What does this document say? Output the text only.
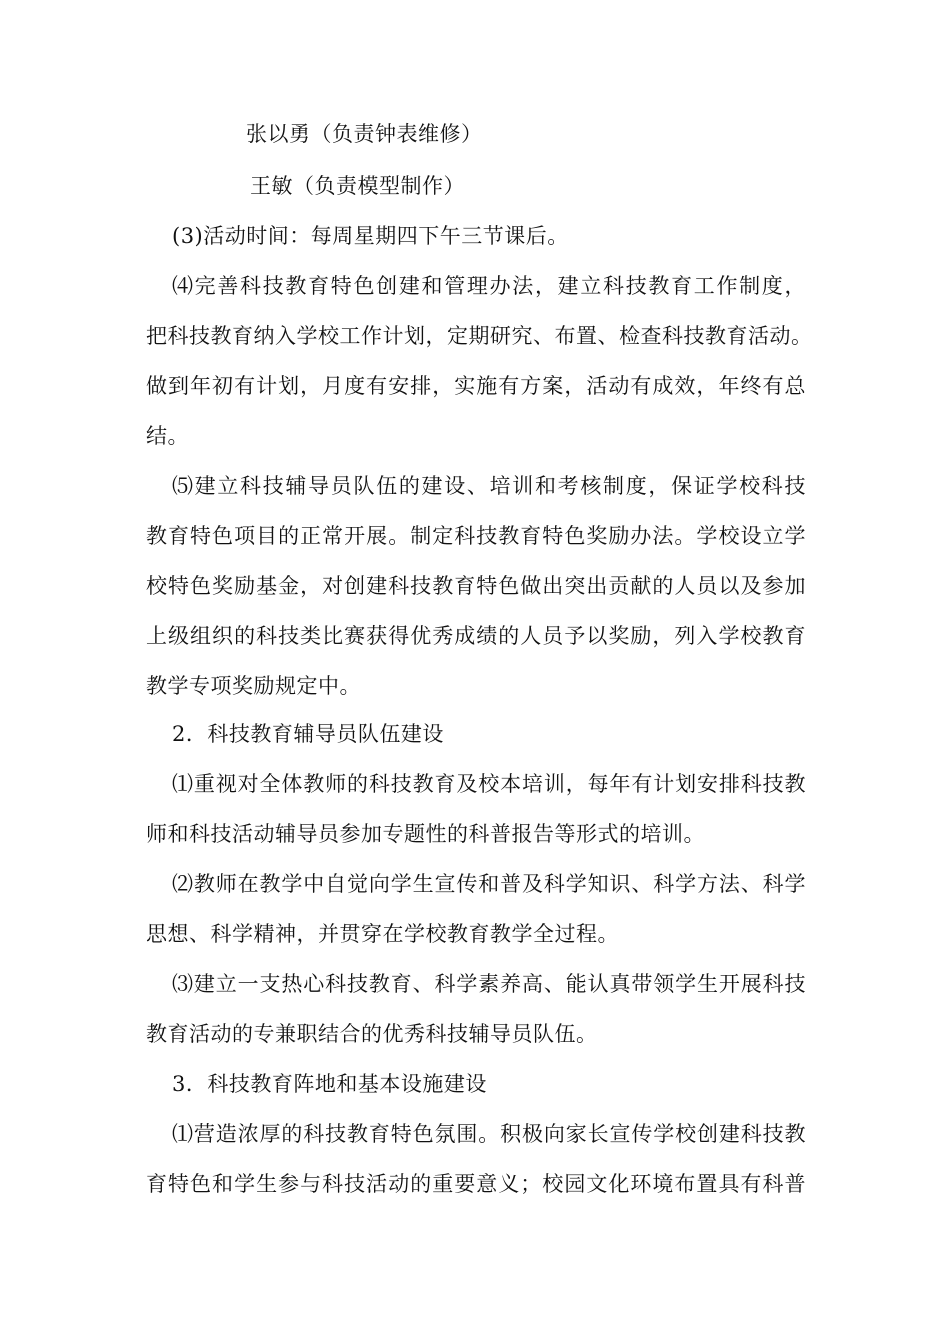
张以勇（负责钟表维修）
王敏（负责模型制作）
(3)活动时间：每周星期四下午三节课后。
⑷完善科技教育特色创建和管理办法，建立科技教育工作制度，
把科技教育纳入学校工作计划，定期研究、布置、检查科技教育活动。
做到年初有计划，月度有安排，实施有方案，活动有成效，年终有总
结。
⑸建立科技辅导员队伍的建设、培训和考核制度，保证学校科技
教育特色项目的正常开展。制定科技教育特色奖励办法。学校设立学
校特色奖励基金，对创建科技教育特色做出突出贡献的人员以及参加
上级组织的科技类比赛获得优秀成绩的人员予以奖励，列入学校教育
教学专项奖励规定中。
2．科技教育辅导员队伍建设
⑴重视对全体教师的科技教育及校本培训，每年有计划安排科技教
师和科技活动辅导员参加专题性的科普报告等形式的培训。
⑵教师在教学中自觉向学生宣传和普及科学知识、科学方法、科学
思想、科学精神，并贯穿在学校教育教学全过程。
⑶建立一支热心科技教育、科学素养高、能认真带领学生开展科技
教育活动的专兼职结合的优秀科技辅导员队伍。
3．科技教育阵地和基本设施建设
⑴营造浓厚的科技教育特色氛围。积极向家长宣传学校创建科技教
育特色和学生参与科技活动的重要意义；校园文化环境布置具有科普
